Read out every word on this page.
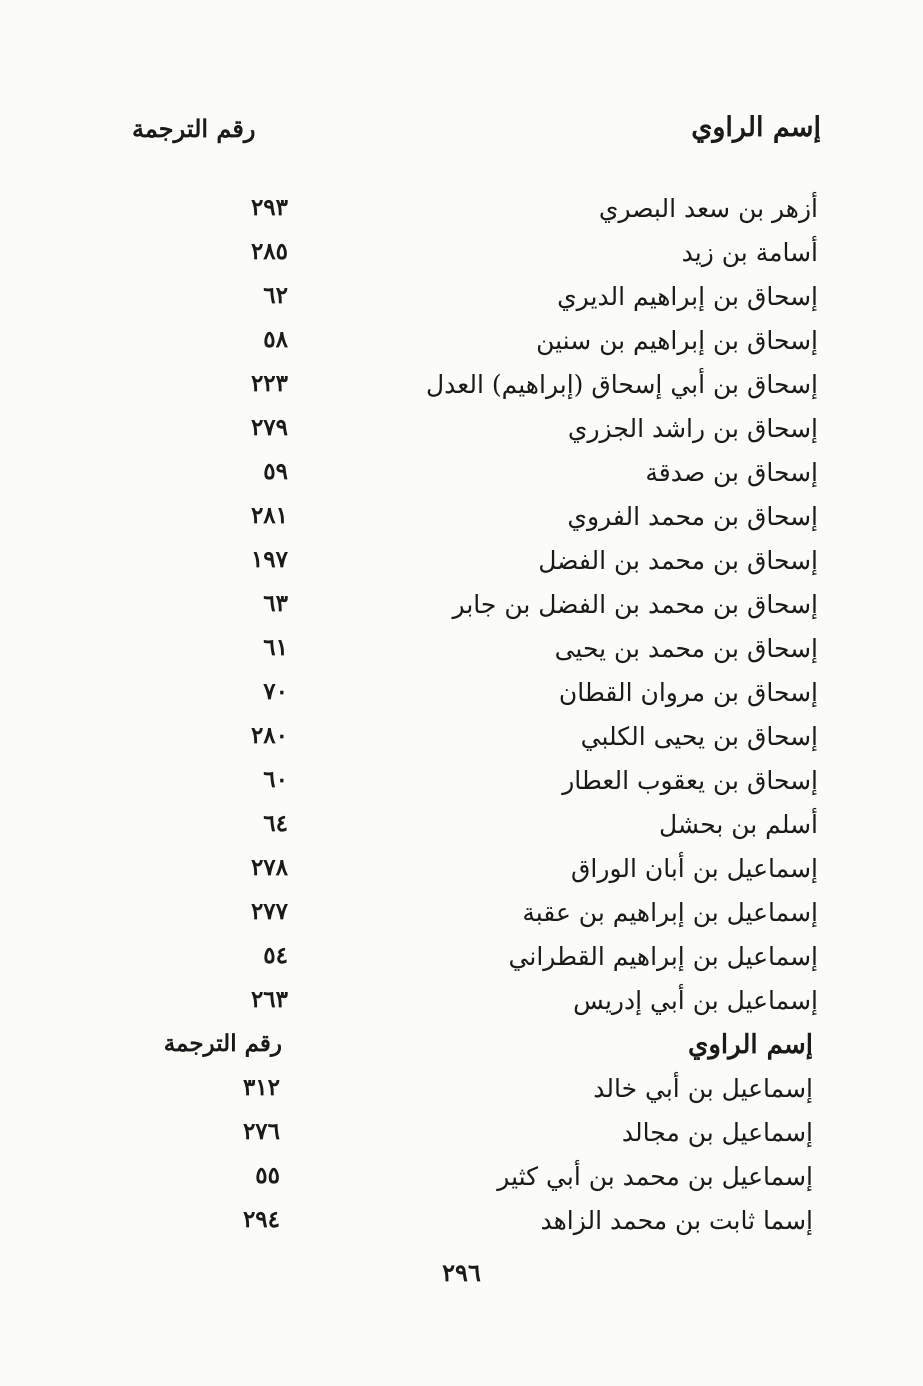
إسم الراوي
رقم الترجمة
أزهر بن سعد البصري
٢٩٣
أسامة بن زيد
٢٨٥
إسحاق بن إبراهيم الديري
٦٢
إسحاق بن إبراهيم بن سنين
٥٨
إسحاق بن أبي إسحاق (إبراهيم) العدل
٢٢٣
إسحاق بن راشد الجزري
٢٧٩
إسحاق بن صدقة
٥٩
إسحاق بن محمد الفروي
٢٨١
إسحاق بن محمد بن الفضل
١٩٧
إسحاق بن محمد بن الفضل بن جابر
٦٣
إسحاق بن محمد بن يحيى
٦١
إسحاق بن مروان القطان
٧٠
إسحاق بن يحيى الكلبي
٢٨٠
إسحاق بن يعقوب العطار
٦٠
أسلم بن بحشل
٦٤
إسماعيل بن أبان الوراق
٢٧٨
إسماعيل بن إبراهيم بن عقبة
٢٧٧
إسماعيل بن إبراهيم القطراني
٥٤
إسماعيل بن أبي إدريس
٢٦٣
إسم الراوي
رقم الترجمة
إسماعيل بن أبي خالد
٣١٢
إسماعيل بن مجالد
٢٧٦
إسماعيل بن محمد بن أبي كثير
٥٥
إسما ثابت بن محمد الزاهد
٢٩٤
٢٩٦
